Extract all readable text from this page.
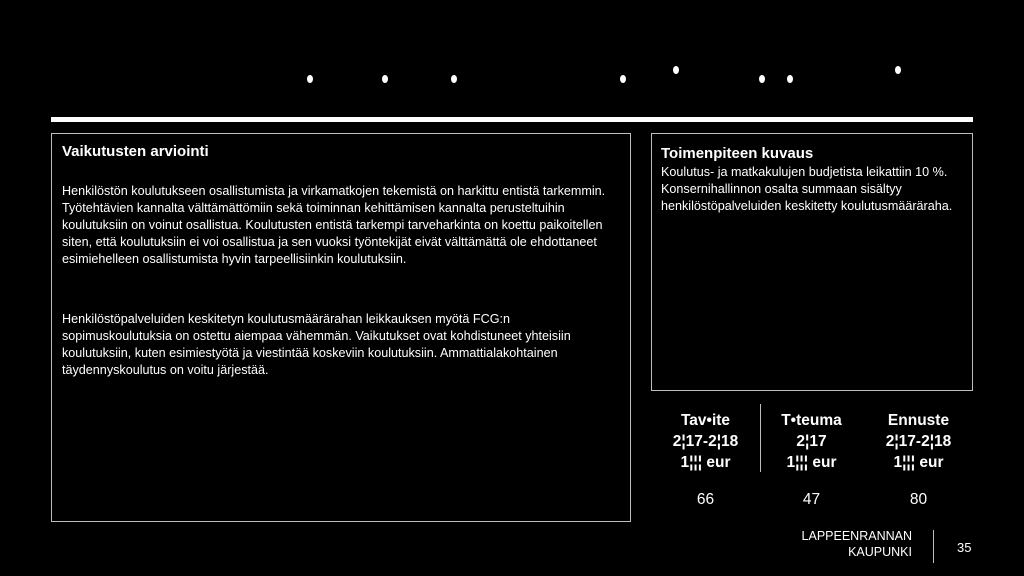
Vaikutusten arviointi

Henkilöstön koulutukseen osallistumista ja virkamatkojen tekemistä on harkittu entistä tarkemmin. Työtehtävien kannalta välttämättömiin sekä toiminnan kehittämisen kannalta perusteltuihin koulutuksiin on voinut osallistua. Koulutusten entistä tarkempi tarveharkinta on koettu paikoitellen siten, että koulutuksiin ei voi osallistua ja sen vuoksi työntekijät eivät välttämättä ole ehdottaneet esimiehelleen osallistumista hyvin tarpeellisiinkin koulutuksiin.

Henkilöstöpalveluiden keskitetyn koulutusmäärärahan leikkauksen myötä FCG:n sopimuskoulutuksia on ostettu aiempaa vähemmän. Vaikutukset ovat kohdistuneet yhteisiin koulutuksiin, kuten esimiestyötä ja viestintää koskeviin koulutuksiin. Ammattialakohtainen täydennyskoulutus on voitu järjestää.

Toimenpiteen kuvaus

Koulutus- ja matkakulujen budjetista leikattiin 10 %. Konsernihallinnon osalta summaan sisältyy henkilöstöpalveluiden keskitetty koulutusmääräraha.

Tav•ite
2¦17-2¦18
1¦¦¦ eur
66
T•teuma
2¦17
1¦¦¦ eur
47
Ennuste
2¦17-2¦18
1¦¦¦ eur
80
LAPPEENRANNAN
KAUPUNKI	35
